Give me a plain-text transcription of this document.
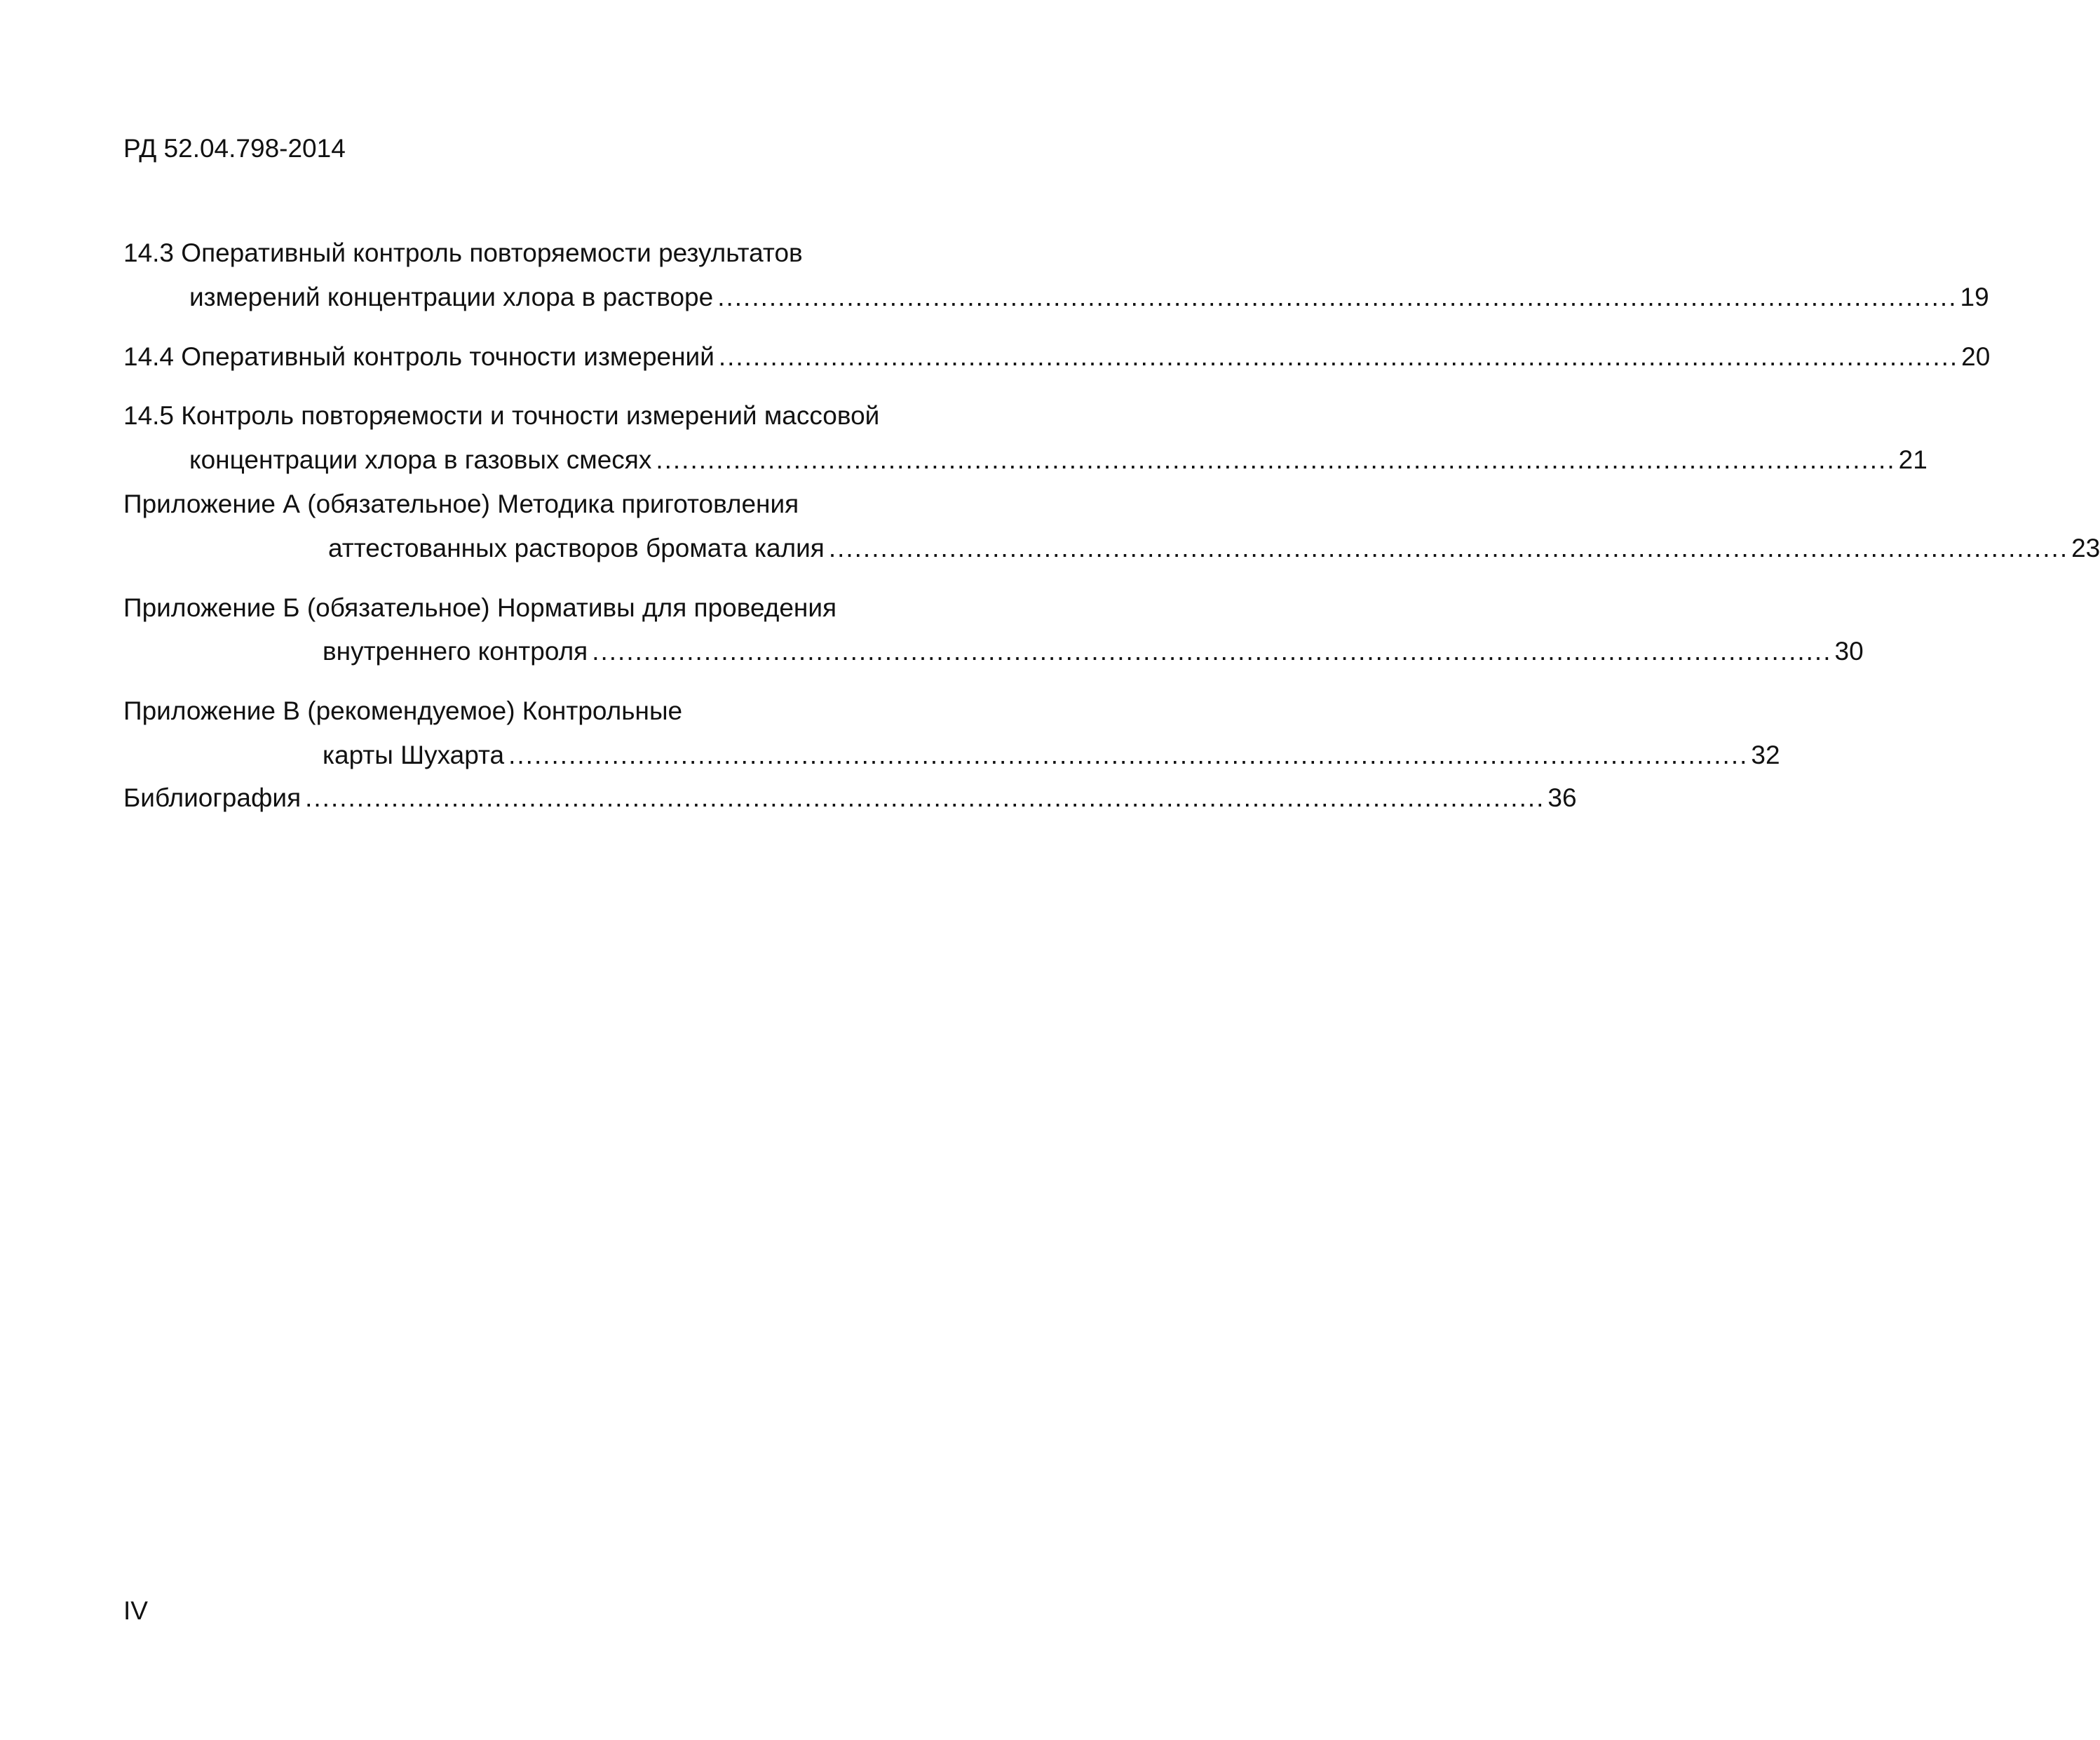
РД 52.04.798-2014
14.3 Оперативный контроль повторяемости результатов
измерений концентрации хлора в растворе ................................................................................................................................................ 19
14.4 Оперативный контроль точности измерений ................................................................................................................................................ 20
14.5 Контроль повторяемости и точности измерений массовой
концентрации хлора в газовых смесях ................................................................................................................................................ 21
Приложение А (обязательное) Методика приготовления
аттестованных растворов бромата калия ................................................................................................................................................ 23
Приложение Б (обязательное) Нормативы для проведения
внутреннего контроля ................................................................................................................................................ 30
Приложение В (рекомендуемое) Контрольные
карты Шухарта ................................................................................................................................................ 32
Библиография ................................................................................................................................................ 36
IV
